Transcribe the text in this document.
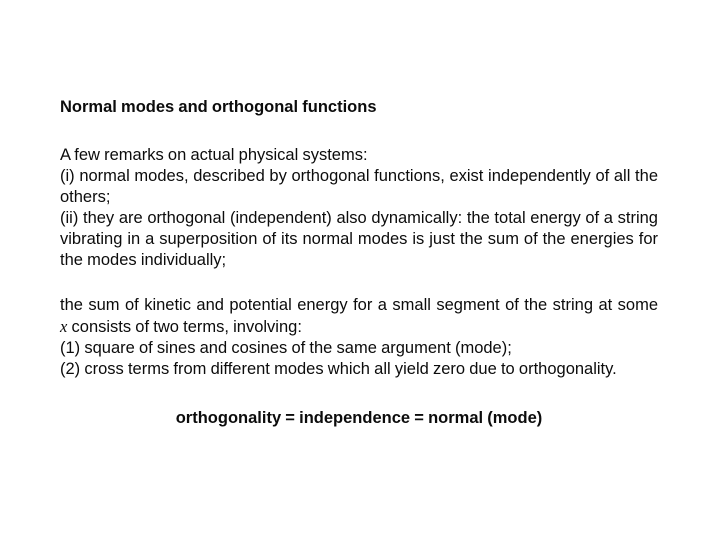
Normal modes and orthogonal functions

A few remarks on actual physical systems:
(i) normal modes, described by orthogonal functions, exist independently of all the
others;
(ii) they are orthogonal (independent) also dynamically: the total energy of a string
vibrating in a superposition of its normal modes is just the sum of the energies for
the modes individually;

the sum of kinetic and potential energy for a small segment of the string at some
x consists of two terms, involving:
(1) square of sines and cosines of the same argument (mode);
(2) cross terms from different modes which all yield zero due to orthogonality.

orthogonality = independence = normal (mode)
